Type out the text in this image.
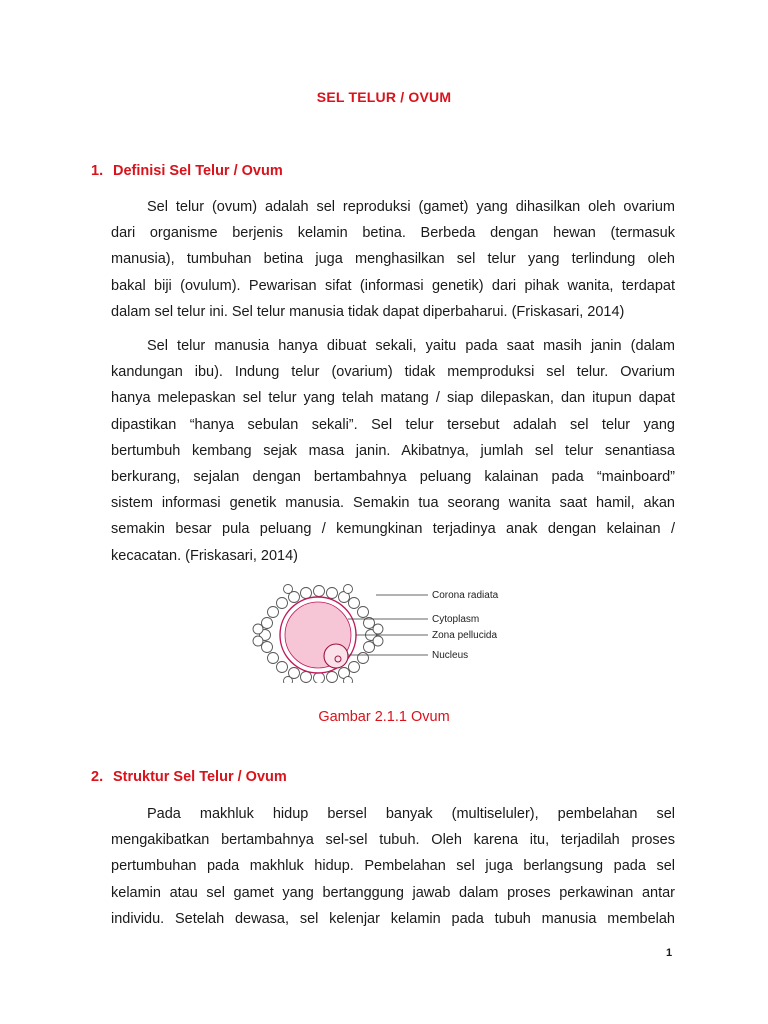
SEL TELUR / OVUM
1. Definisi Sel Telur / Ovum
Sel telur (ovum) adalah sel reproduksi (gamet) yang dihasilkan oleh ovarium
dari organisme berjenis kelamin betina. Berbeda dengan hewan (termasuk
manusia), tumbuhan betina juga menghasilkan sel telur yang terlindung oleh
bakal biji (ovulum). Pewarisan sifat (informasi genetik) dari pihak wanita, terdapat
dalam sel telur ini. Sel telur manusia tidak dapat diperbaharui. (Friskasari, 2014)
Sel telur manusia hanya dibuat sekali, yaitu pada saat masih janin (dalam
kandungan ibu). Indung telur (ovarium) tidak memproduksi sel telur. Ovarium
hanya melepaskan sel telur yang telah matang / siap dilepaskan, dan itupun dapat
dipastikan “hanya sebulan sekali”. Sel telur tersebut adalah sel telur yang
bertumbuh kembang sejak masa janin. Akibatnya, jumlah sel telur senantiasa
berkurang, sejalan dengan bertambahnya peluang kalainan pada “mainboard”
sistem informasi genetik manusia. Semakin tua seorang wanita saat hamil, akan
semakin besar pula peluang / kemungkinan terjadinya anak dengan kelainan /
kecacatan. (Friskasari, 2014)
Corona radiata
Cytoplasm
Zona pellucida
Nucleus
Gambar 2.1.1 Ovum
2. Struktur Sel Telur / Ovum
Pada makhluk hidup bersel banyak (multiseluler), pembelahan sel
mengakibatkan bertambahnya sel-sel tubuh. Oleh karena itu, terjadilah proses
pertumbuhan pada makhluk hidup. Pembelahan sel juga berlangsung pada sel
kelamin atau sel gamet yang bertanggung jawab dalam proses perkawinan antar
individu. Setelah dewasa, sel kelenjar kelamin pada tubuh manusia membelah
1
